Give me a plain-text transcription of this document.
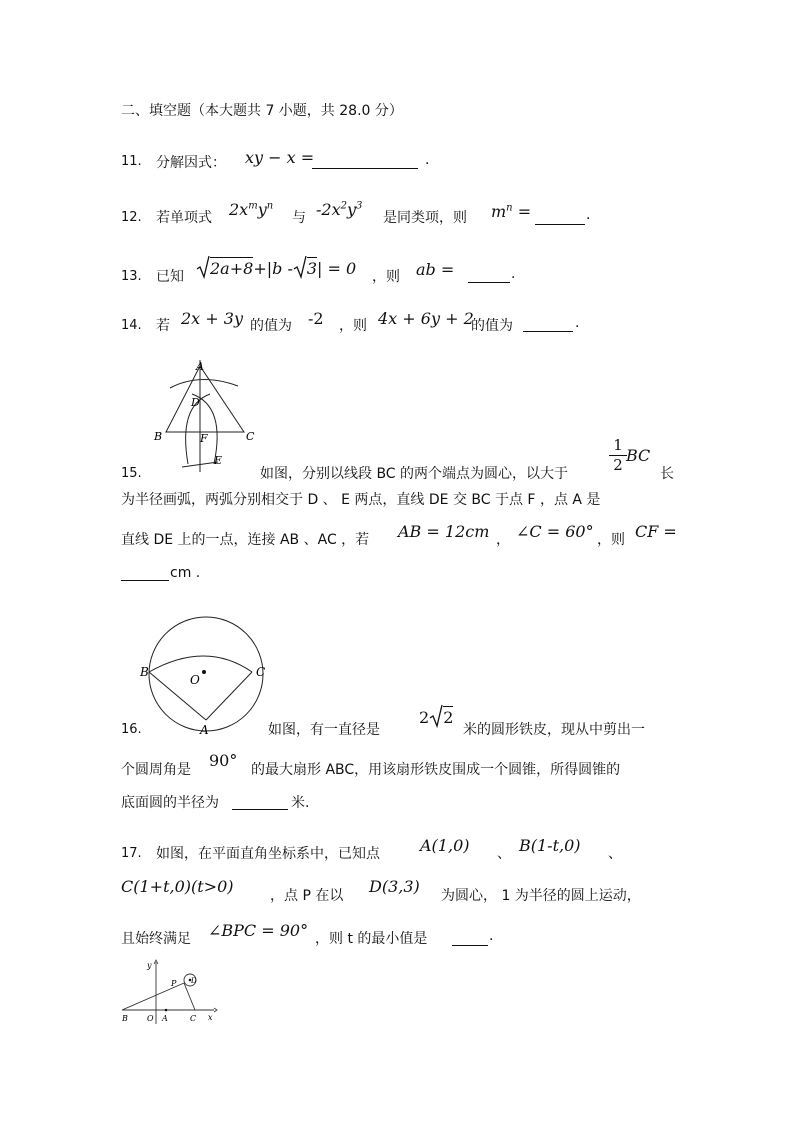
二、填空题（本大题共 7 小题，共 28.0 分）
11. 分解因式： xy − x =	.
12. 若单项式 $2x^my^n$
与 $-2x^2y^3$
是同类项，则 $m^n$ =	.
13. 已知	2a+8+|b - 3| = 0 ，则 ab =	.
14. 若 2x + 3y 的值为 -2 ，则 4x + 6y + 2
的值为	.
A
D
B	F	C
E
15.	如图，分别以线段 BC 的两个端点为圆心，以大于
1
2 BC
长
为半径画弧，两弧分别相交于 D 、 E 两点，直线 DE 交 BC 于点 F ，点 A 是
直线 DE 上的一点，连接 AB 、AC ，若 AB = 12cm ， ∠C = 60° ，则 CF =
cm .
B	C
O
A
16.	如图，有一直径是
2 2
米的圆形铁皮，现从中剪出一
个圆周角是 90° 的最大扇形 ABC，用该扇形铁皮围成一个圆锥，所得圆锥的
底面圆的半径为	米.
17. 如图，在平面直角坐标系中，已知点	A(1,0) 、 B(1-t,0) 、
C(1+t,0)(t>0)	，点 P 在以 D(3,3) 为圆心， 1 为半径的圆上运动，
且始终满足 ∠BPC = 90° ，则 t 的最小值是	.
y
x
B O A	C
P D
